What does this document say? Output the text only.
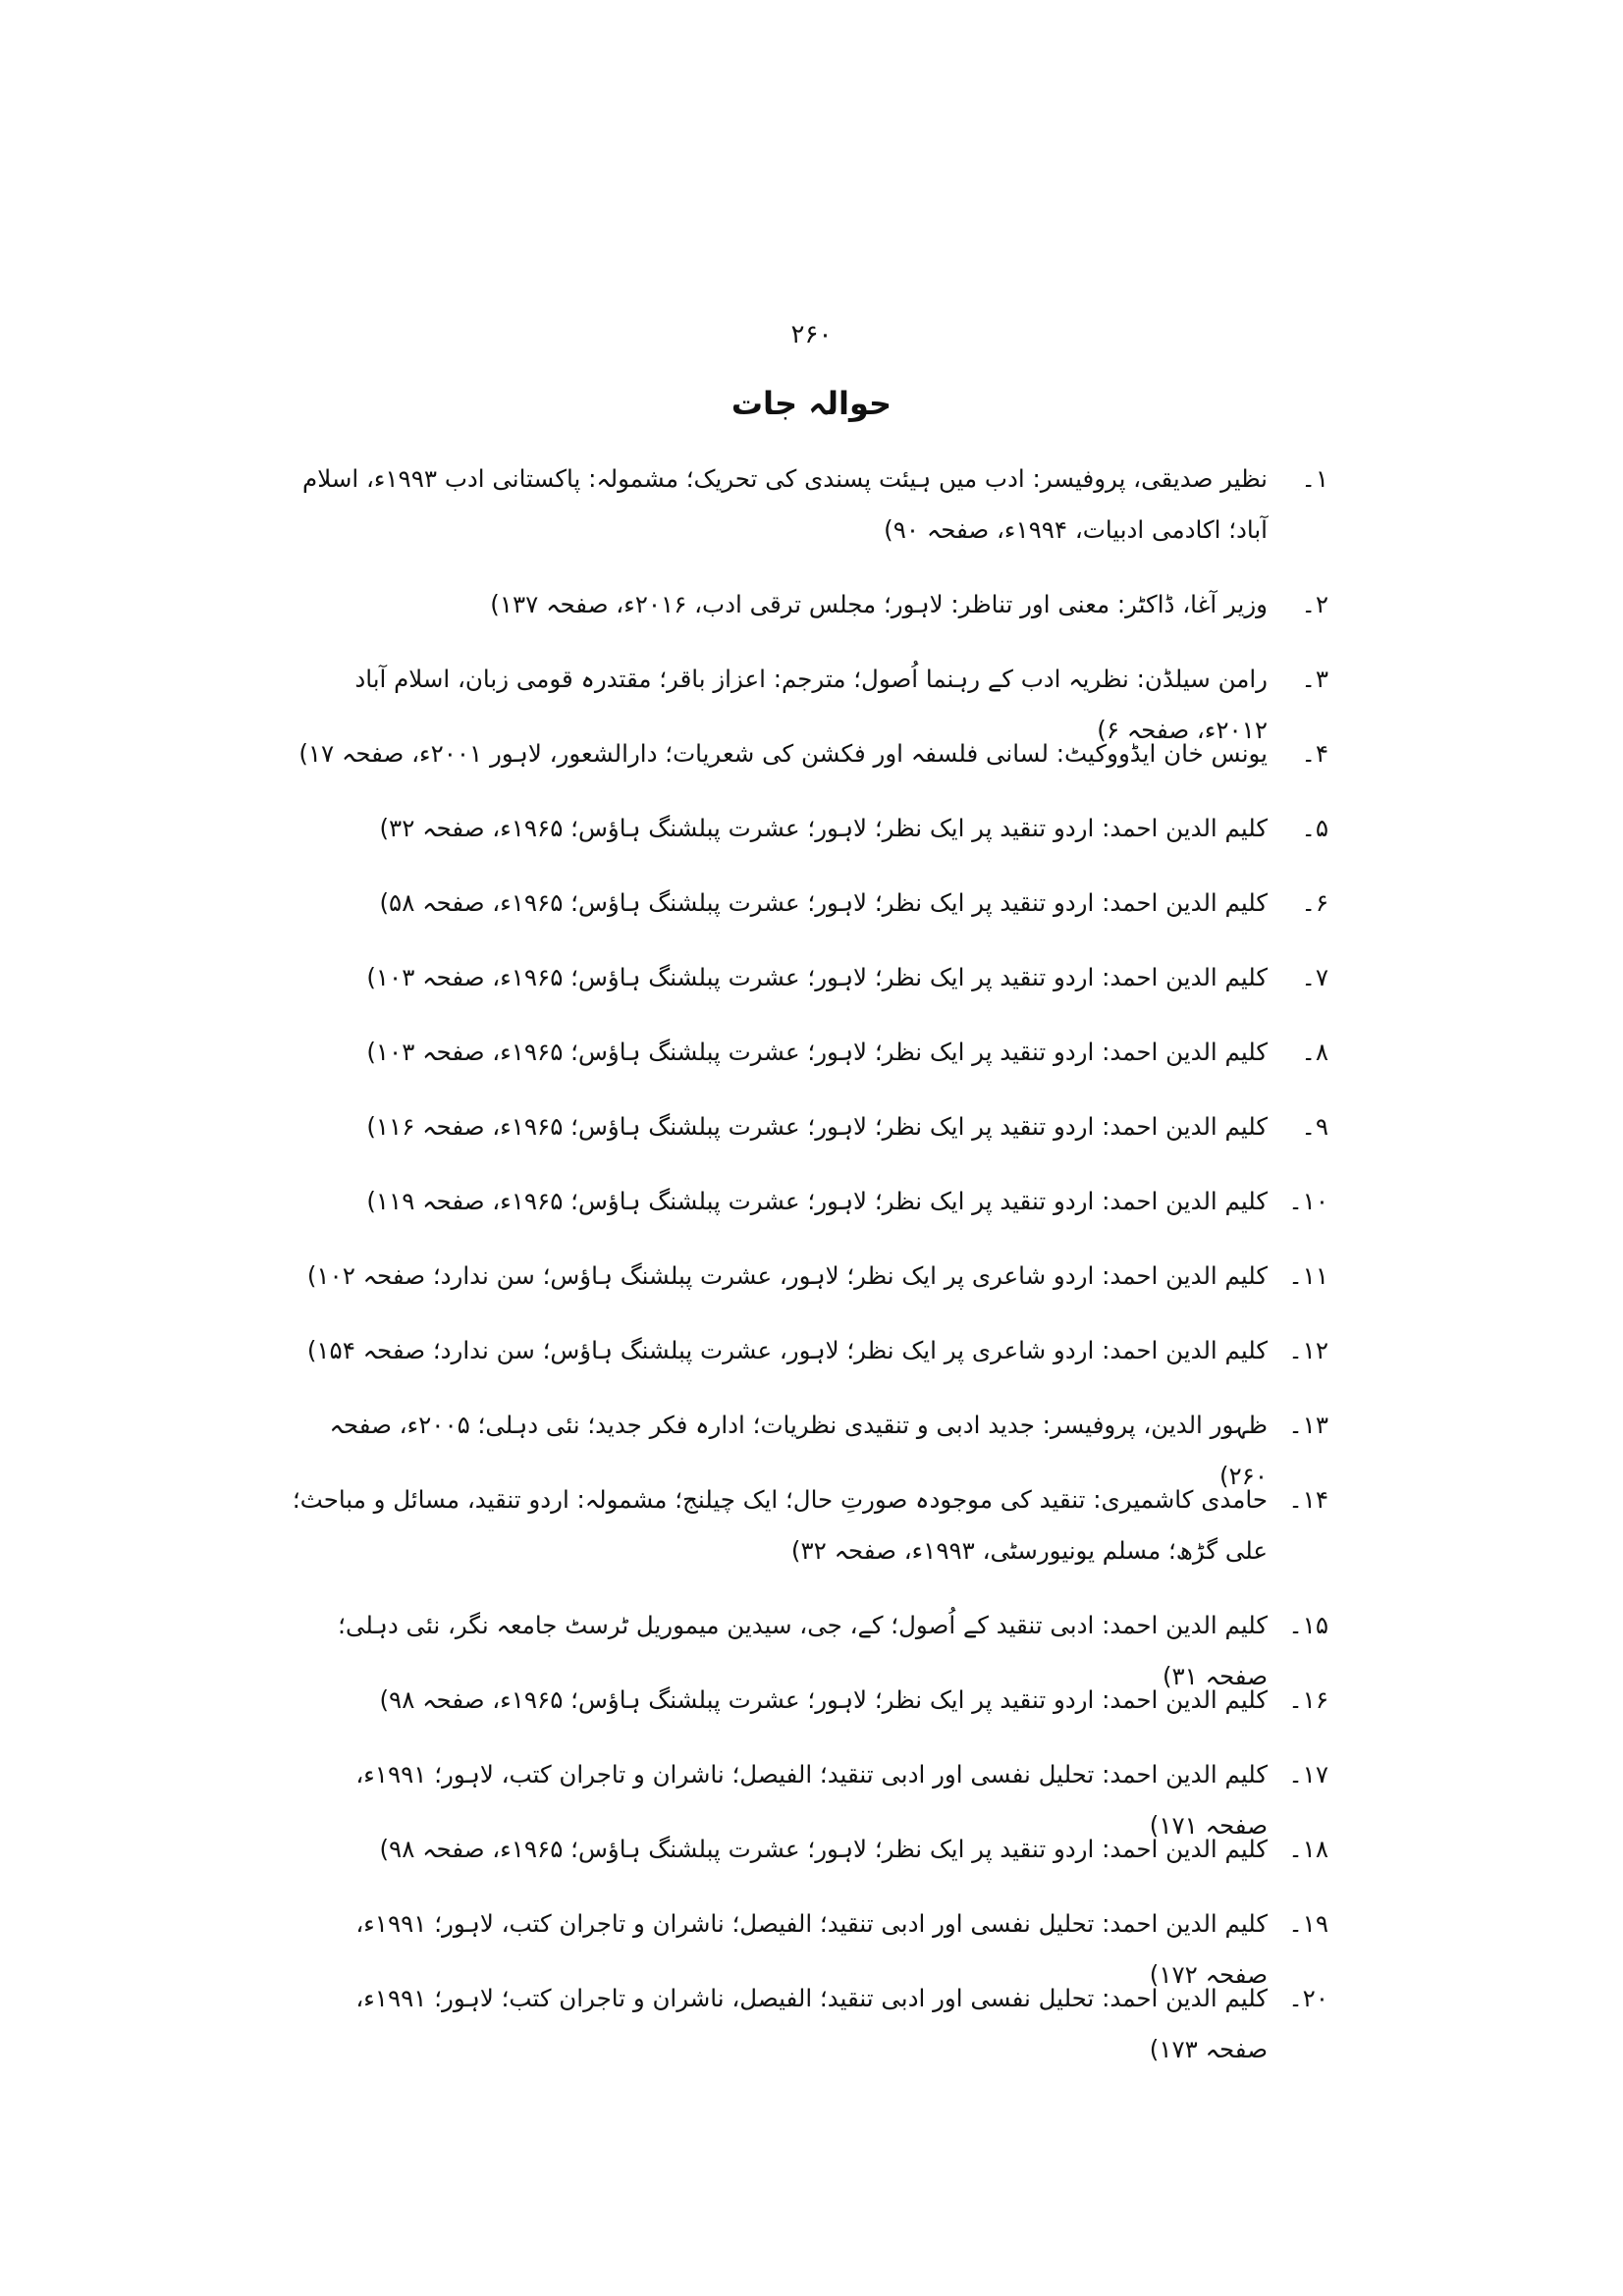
۲۶۰
حوالہ جات
۱۔
نظیر صدیقی، پروفیسر: ادب میں ہیئت پسندی کی تحریک؛ مشمولہ: پاکستانی ادب ۱۹۹۳ء، اسلام آباد؛ اکادمی ادبیات، ۱۹۹۴ء، صفحہ ۹۰)
۲۔
وزیر آغا، ڈاکٹر: معنی اور تناظر: لاہور؛ مجلس ترقی ادب، ۲۰۱۶ء، صفحہ ۱۳۷)
۳۔
رامن سیلڈن: نظریہ ادب کے رہنما اُصول؛ مترجم: اعزاز باقر؛ مقتدرہ قومی زبان، اسلام آباد ۲۰۱۲ء، صفحہ ۶)
۴۔
یونس خان ایڈووکیٹ: لسانی فلسفہ اور فکشن کی شعریات؛ دارالشعور، لاہور ۲۰۰۱ء، صفحہ ۱۷)
۵۔
کلیم الدین احمد: اردو تنقید پر ایک نظر؛ لاہور؛ عشرت پبلشنگ ہاؤس؛ ۱۹۶۵ء، صفحہ ۳۲)
۶۔
کلیم الدین احمد: اردو تنقید پر ایک نظر؛ لاہور؛ عشرت پبلشنگ ہاؤس؛ ۱۹۶۵ء، صفحہ ۵۸)
۷۔
کلیم الدین احمد: اردو تنقید پر ایک نظر؛ لاہور؛ عشرت پبلشنگ ہاؤس؛ ۱۹۶۵ء، صفحہ ۱۰۳)
۸۔
کلیم الدین احمد: اردو تنقید پر ایک نظر؛ لاہور؛ عشرت پبلشنگ ہاؤس؛ ۱۹۶۵ء، صفحہ ۱۰۳)
۹۔
کلیم الدین احمد: اردو تنقید پر ایک نظر؛ لاہور؛ عشرت پبلشنگ ہاؤس؛ ۱۹۶۵ء، صفحہ ۱۱۶)
۱۰۔
کلیم الدین احمد: اردو تنقید پر ایک نظر؛ لاہور؛ عشرت پبلشنگ ہاؤس؛ ۱۹۶۵ء، صفحہ ۱۱۹)
۱۱۔
کلیم الدین احمد: اردو شاعری پر ایک نظر؛ لاہور، عشرت پبلشنگ ہاؤس؛ سن ندارد؛ صفحہ ۱۰۲)
۱۲۔
کلیم الدین احمد: اردو شاعری پر ایک نظر؛ لاہور، عشرت پبلشنگ ہاؤس؛ سن ندارد؛ صفحہ ۱۵۴)
۱۳۔
ظہور الدین، پروفیسر: جدید ادبی و تنقیدی نظریات؛ ادارہ فکر جدید؛ نئی دہلی؛ ۲۰۰۵ء، صفحہ ۲۶۰)
۱۴۔
حامدی کاشمیری: تنقید کی موجودہ صورتِ حال؛ ایک چیلنج؛ مشمولہ: اردو تنقید، مسائل و مباحث؛ علی گڑھ؛ مسلم یونیورسٹی، ۱۹۹۳ء، صفحہ ۳۲)
۱۵۔
کلیم الدین احمد: ادبی تنقید کے اُصول؛ کے، جی، سیدین میموریل ٹرسٹ جامعہ نگر، نئی دہلی؛ صفحہ ۳۱)
۱۶۔
کلیم الدین احمد: اردو تنقید پر ایک نظر؛ لاہور؛ عشرت پبلشنگ ہاؤس؛ ۱۹۶۵ء، صفحہ ۹۸)
۱۷۔
کلیم الدین احمد: تحلیل نفسی اور ادبی تنقید؛ الفیصل؛ ناشران و تاجران کتب، لاہور؛ ۱۹۹۱ء، صفحہ ۱۷۱)
۱۸۔
کلیم الدین احمد: اردو تنقید پر ایک نظر؛ لاہور؛ عشرت پبلشنگ ہاؤس؛ ۱۹۶۵ء، صفحہ ۹۸)
۱۹۔
کلیم الدین احمد: تحلیل نفسی اور ادبی تنقید؛ الفیصل؛ ناشران و تاجران کتب، لاہور؛ ۱۹۹۱ء، صفحہ ۱۷۲)
۲۰۔
کلیم الدین احمد: تحلیل نفسی اور ادبی تنقید؛ الفیصل، ناشران و تاجران کتب؛ لاہور؛ ۱۹۹۱ء، صفحہ ۱۷۳)
